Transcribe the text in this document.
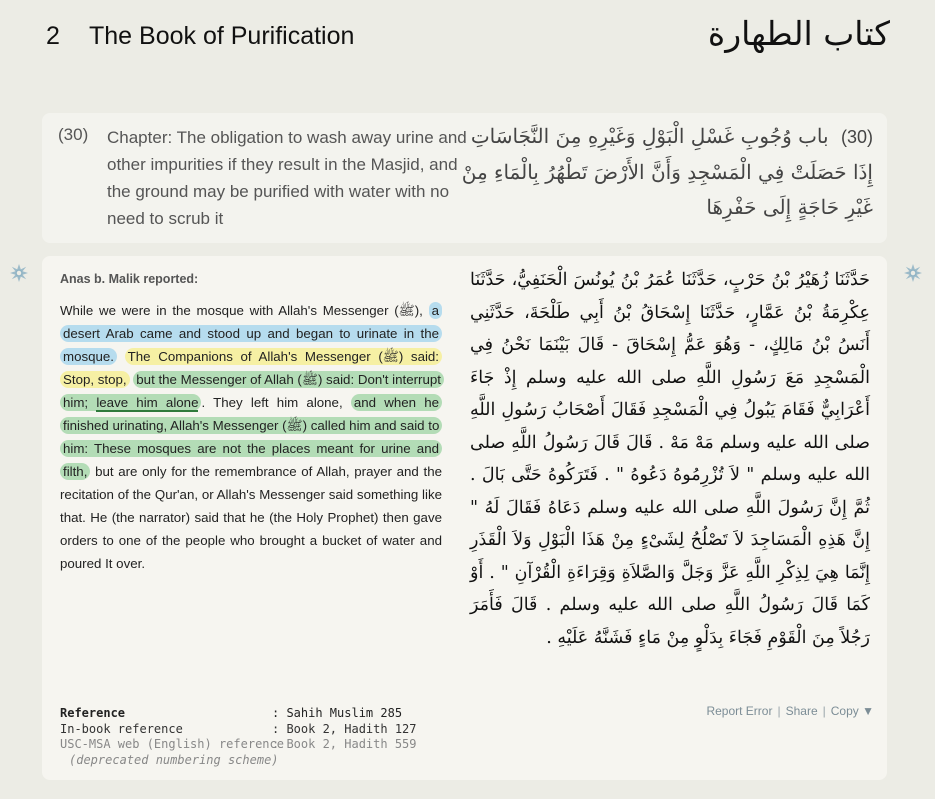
2 The Book of Purification	كتاب الطهارة
(30) Chapter: The obligation to wash away urine and other impurities if they result in the Masjid, and the ground may be purified with water with no need to scrub it
(30) باب وُجُوبِ غَسْلِ الْبَوْلِ وَغَيْرِهِ مِنَ النَّجَاسَاتِ إِذَا حَصَلَتْ فِي الْمَسْجِدِ وَأَنَّ الأَرْضَ تَطْهُرُ بِالْمَاءِ مِنْ غَيْرِ حَاجَةٍ إِلَى حَفْرِهَا
Anas b. Malik reported:
While we were in the mosque with Allah's Messenger (ﷺ), a desert Arab came and stood up and began to urinate in the mosque. The Companions of Allah's Messenger (ﷺ) said: Stop, stop, but the Messenger of Allah (ﷺ) said: Don't interrupt him; leave him alone . They left him alone, and when he finished urinating, Allah's Messenger (ﷺ) called him and said to him: These mosques are not the places meant for urine and filth, but are only for the remembrance of Allah, prayer and the recitation of the Qur'an, or Allah's Messenger said something like that. He (the narrator) said that he (the Holy Prophet) then gave orders to one of the people who brought a bucket of water and poured It over.
حَدَّثَنَا زُهَيْرُ بْنُ حَرْبٍ، حَدَّثَنَا عُمَرُ بْنُ يُونُسَ الْحَنَفِيُّ، حَدَّثَنَا عِكْرِمَةُ بْنُ عَمَّارٍ، حَدَّثَنَا إِسْحَاقُ بْنُ أَبِي طَلْحَةَ، حَدَّثَنِي أَنَسُ بْنُ مَالِكٍ، - وَهُوَ عَمُّ إِسْحَاقَ - قَالَ بَيْنَمَا نَحْنُ فِي الْمَسْجِدِ مَعَ رَسُولِ اللَّهِ صلى الله عليه وسلم إِذْ جَاءَ أَعْرَابِيٌّ فَقَامَ يَبُولُ فِي الْمَسْجِدِ فَقَالَ أَصْحَابُ رَسُولِ اللَّهِ صلى الله عليه وسلم مَهْ مَهْ ‏.‏ قَالَ قَالَ رَسُولُ اللَّهِ صلى الله عليه وسلم ‏"‏ لاَ تُزْرِمُوهُ دَعُوهُ ‏"‏ ‏.‏ فَتَرَكُوهُ حَتَّى بَالَ ‏.‏ ثُمَّ إِنَّ رَسُولَ اللَّهِ صلى الله عليه وسلم دَعَاهُ فَقَالَ لَهُ ‏"‏ إِنَّ هَذِهِ الْمَسَاجِدَ لاَ تَصْلُحُ لِشَىْءٍ مِنْ هَذَا الْبَوْلِ وَلاَ الْقَذَرِ إِنَّمَا هِيَ لِذِكْرِ اللَّهِ عَزَّ وَجَلَّ وَالصَّلاَةِ وَقِرَاءَةِ الْقُرْآنِ ‏"‏ ‏.‏ أَوْ كَمَا قَالَ رَسُولُ اللَّهِ صلى الله عليه وسلم ‏.‏ قَالَ فَأَمَرَ رَجُلاً مِنَ الْقَوْمِ فَجَاءَ بِدَلْوٍ مِنْ مَاءٍ فَشَنَّهُ عَلَيْهِ ‏.‏
Reference	: Sahih Muslim 285
In-book reference	: Book 2, Hadith 127
USC-MSA web (English) reference
: Book 2, Hadith 559
(deprecated numbering scheme)
Report Error | Share | Copy ▼
